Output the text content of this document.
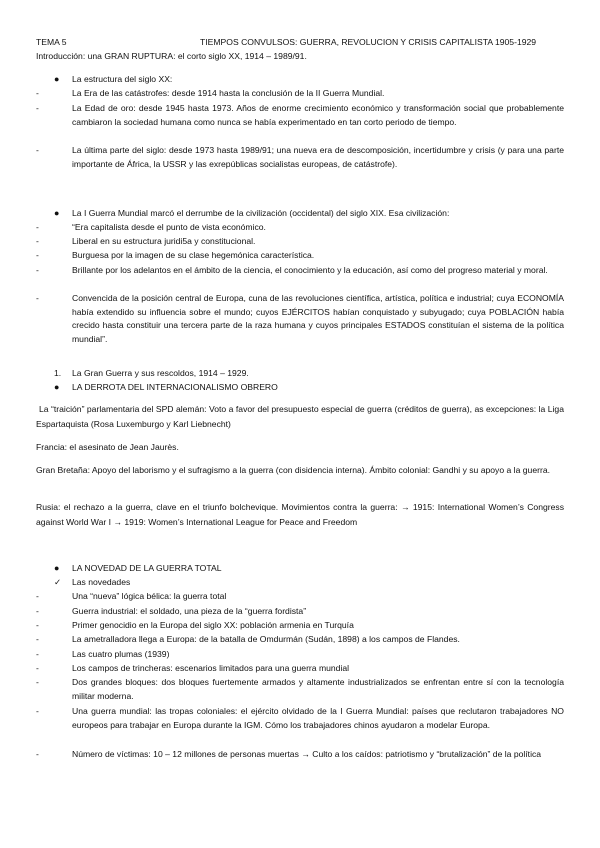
TEMA 5	TIEMPOS CONVULSOS: GUERRA, REVOLUCION Y CRISIS CAPITALISTA 1905-1929
Introducción: una GRAN RUPTURA: el corto siglo XX, 1914 – 1989/91.
●	La estructura del siglo XX:
-	La Era de las catástrofes: desde 1914 hasta la conclusión de la II Guerra Mundial.
-	La Edad de oro: desde 1945 hasta 1973. Años de enorme crecimiento económico y transformación social que probablemente cambiaron la sociedad humana como nunca se había experimentado en tan corto periodo de tiempo.
-	La última parte del siglo: desde 1973 hasta 1989/91; una nueva era de descomposición, incertidumbre y crisis (y para una parte importante de África, la USSR y las exrepúblicas socialistas europeas, de catástrofe).
●	La I Guerra Mundial marcó el derrumbe de la civilización (occidental) del siglo XIX. Esa civilización:
-	“Era capitalista desde el punto de vista económico.
-	Liberal en su estructura juridi5a y constitucional.
-	Burguesa por la imagen de su clase hegemónica característica.
-	Brillante por los adelantos en el ámbito de la ciencia, el conocimiento y la educación, así como del progreso material y moral.
-	Convencida de la posición central de Europa, cuna de las revoluciones científica, artística, política e industrial; cuya ECONOMÍA había extendido su influencia sobre el mundo; cuyos EJÉRCITOS habían conquistado y subyugado; cuya POBLACIÓN había crecido hasta constituir una tercera parte de la raza humana y cuyos principales ESTADOS constituían el sistema de la política mundial”.
1.	La Gran Guerra y sus rescoldos, 1914 – 1929.
●	LA DERROTA DEL INTERNACIONALISMO OBRERO
La “traición” parlamentaria del SPD alemán: Voto a favor del presupuesto especial de guerra (créditos de guerra), as excepciones: la Liga Espartaquista (Rosa Luxemburgo y Karl Liebnecht)
Francia: el asesinato de Jean Jaurès.
Gran Bretaña: Apoyo del laborismo y el sufragismo a la guerra (con disidencia interna). Ámbito colonial: Gandhi y su apoyo a la guerra.
Rusia: el rechazo a la guerra, clave en el triunfo bolchevique. Movimientos contra la guerra: → 1915: International Women’s Congress against World War I → 1919: Women’s International League for Peace and Freedom
●	LA NOVEDAD DE LA GUERRA TOTAL
✓	Las novedades
-	Una “nueva” lógica bélica: la guerra total
-	Guerra industrial: el soldado, una pieza de la “guerra fordista”
-	Primer genocidio en la Europa del siglo XX: población armenia en Turquía
-	La ametralladora llega a Europa: de la batalla de Omdurmán (Sudán, 1898) a los campos de Flandes.
-	Las cuatro plumas (1939)
-	Los campos de trincheras: escenarios limitados para una guerra mundial
-	Dos grandes bloques: dos bloques fuertemente armados y altamente industrializados se enfrentan entre sí con la tecnología militar moderna.
-	Una guerra mundial: las tropas coloniales: el ejército olvidado de la I Guerra Mundial: países que reclutaron trabajadores NO europeos para trabajar en Europa durante la IGM. Cómo los trabajadores chinos ayudaron a modelar Europa.
-	Número de víctimas: 10 – 12 millones de personas muertas → Culto a los caídos: patriotismo y “brutalización” de la política
